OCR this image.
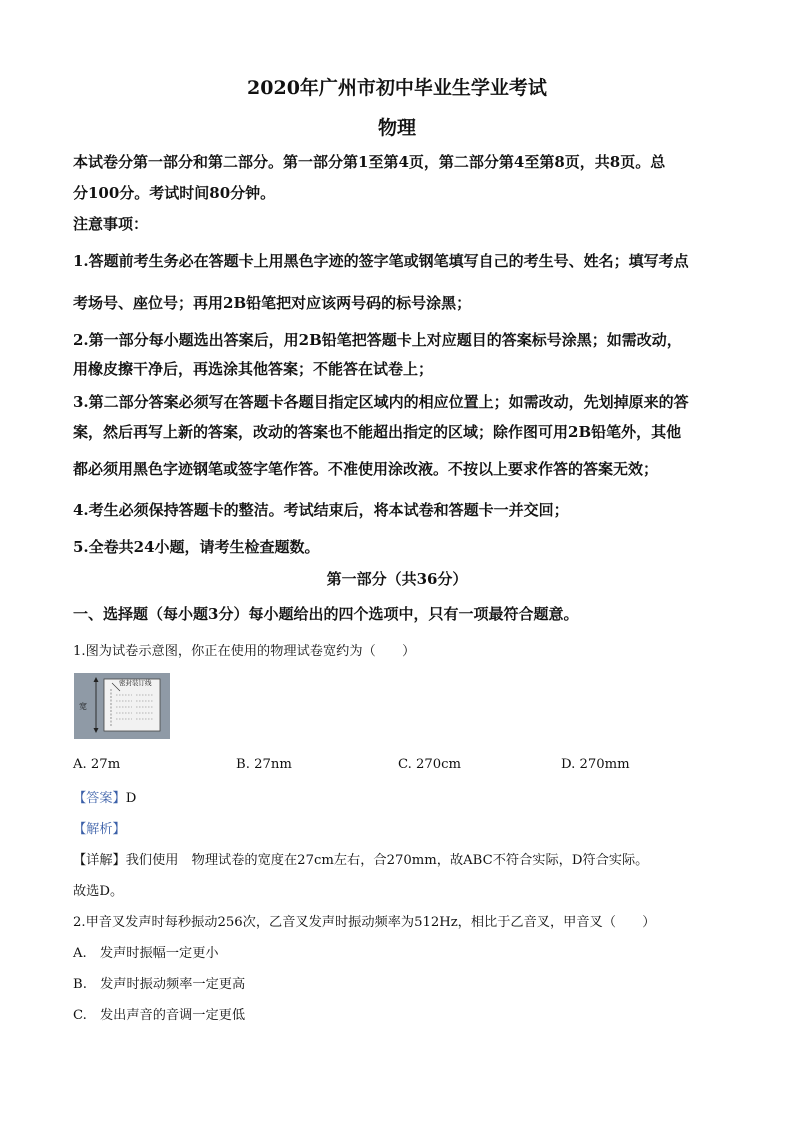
2020年广州市初中毕业生学业考试
物理
本试卷分第一部分和第二部分。第一部分第1至第4页，第二部分第4至第8页，共8页。总
分100分。考试时间80分钟。
注意事项：
1.答题前考生务必在答题卡上用黑色字迹的签字笔或钢笔填写自己的考生号、姓名；填写考点
考场号、座位号；再用2B铅笔把对应该两号码的标号涂黑；
2.第一部分每小题选出答案后，用2B铅笔把答题卡上对应题目的答案标号涂黑；如需改动，
用橡皮擦干净后，再选涂其他答案；不能答在试卷上；
3.第二部分答案必须写在答题卡各题目指定区域内的相应位置上；如需改动，先划掉原来的答
案，然后再写上新的答案，改动的答案也不能超出指定的区域；除作图可用2B铅笔外，其他
都必须用黑色字迹钢笔或签字笔作答。不准使用涂改液。不按以上要求作答的答案无效；
4.考生必须保持答题卡的整洁。考试结束后，将本试卷和答题卡一并交回；
5.全卷共24小题，请考生检查题数。
第一部分（共36分）
一、选择题（每小题3分）每小题给出的四个选项中，只有一项最符合题意。
1.图为试卷示意图，你正在使用的物理试卷宽约为（　　）
密封装订线
宽
A. 27m	B. 27nm	C. 270cm	D. 270mm
【答案】D
【解析】
【详解】我们使用　物理试卷的宽度在27cm左右，合270mm，故ABC不符合实际，D符合实际。
故选D。
2.甲音叉发声时每秒振动256次，乙音叉发声时振动频率为512Hz，相比于乙音叉，甲音叉（　　）
A.　发声时振幅一定更小
B.　发声时振动频率一定更高
C.　发出声音的音调一定更低
